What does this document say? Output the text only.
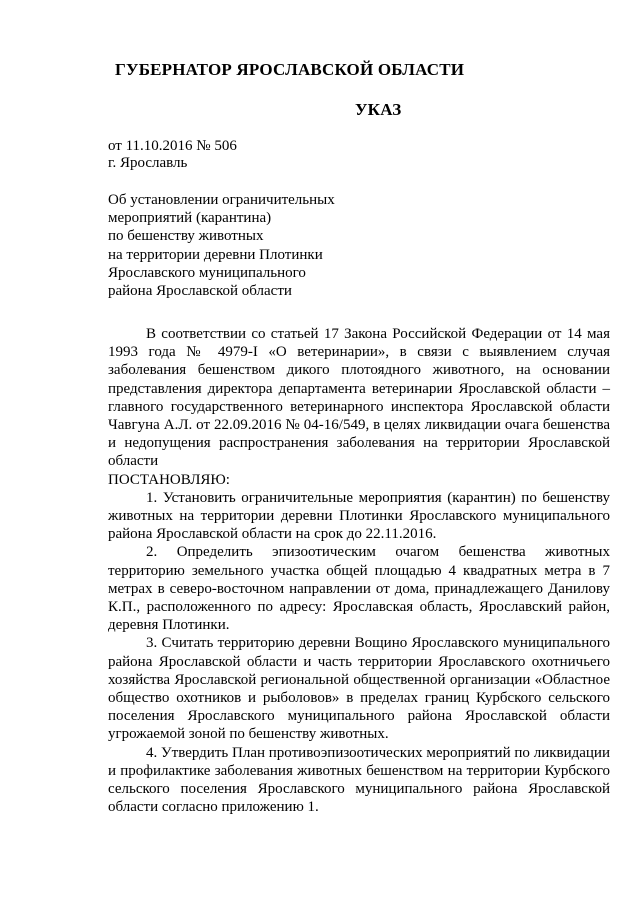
ГУБЕРНАТОР ЯРОСЛАВСКОЙ ОБЛАСТИ
УКАЗ
от 11.10.2016 № 506
г. Ярославль
Об установлении ограничительных
мероприятий (карантина)
по бешенству животных
на территории деревни Плотинки
Ярославского муниципального
района Ярославской области

В соответствии со статьей 17 Закона Российской Федерации от 14 мая 1993 года № 4979-I «О ветеринарии», в связи с выявлением случая заболевания бешенством дикого плотоядного животного, на основании представления директора департамента ветеринарии Ярославской области – главного государственного ветеринарного инспектора Ярославской области Чавгуна А.Л. от 22.09.2016 № 04-16/549, в целях ликвидации очага бешенства и недопущения распространения заболевания на территории Ярославской области

ПОСТАНОВЛЯЮ:

1. Установить ограничительные мероприятия (карантин) по бешенству животных на территории деревни Плотинки Ярославского муниципального района Ярославской области на срок до 22.11.2016.

2. Определить эпизоотическим очагом бешенства животных территорию земельного участка общей площадью 4 квадратных метра в 7 метрах в северо-восточном направлении от дома, принадлежащего Данилову К.П., расположенного по адресу: Ярославская область, Ярославский район, деревня Плотинки.

3. Считать территорию деревни Вощино Ярославского муниципального района Ярославской области и часть территории Ярославского охотничьего хозяйства Ярославской региональной общественной организации «Областное общество охотников и рыболовов» в пределах границ Курбского сельского поселения Ярославского муниципального района Ярославской области угрожаемой зоной по бешенству животных.

4. Утвердить План противоэпизоотических мероприятий по ликвидации и профилактике заболевания животных бешенством на территории Курбского сельского поселения Ярославского муниципального района Ярославской области согласно приложению 1.
